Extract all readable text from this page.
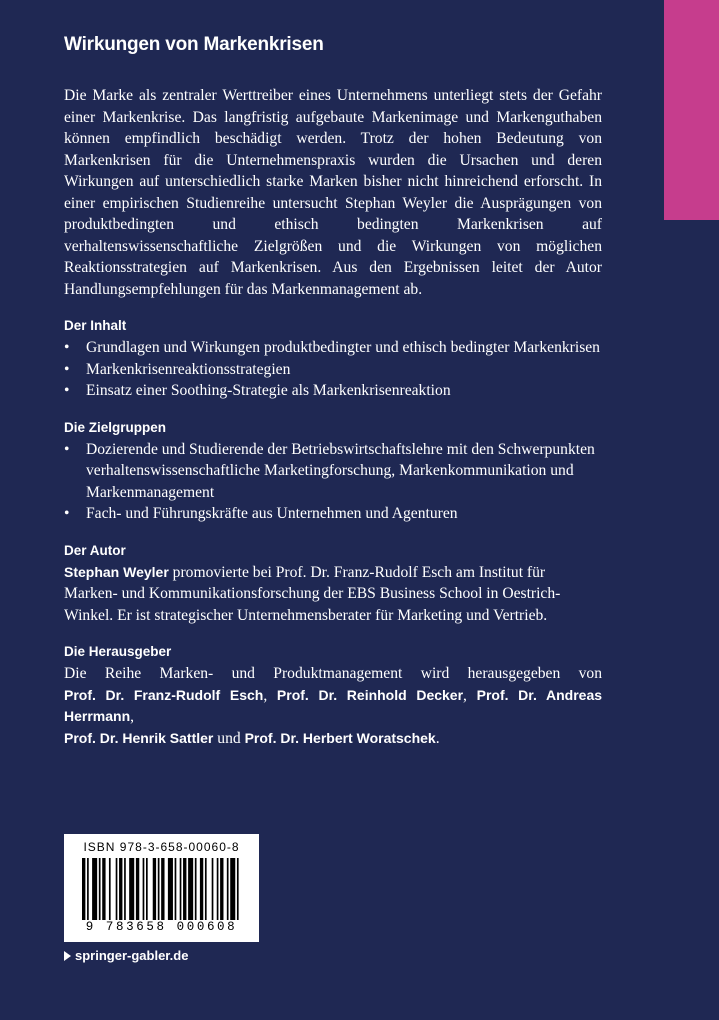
Wirkungen von Markenkrisen

Die Marke als zentraler Werttreiber eines Unternehmens unterliegt stets der Gefahr einer Markenkrise. Das langfristig aufgebaute Markenimage und Markenguthaben können empfindlich beschädigt werden. Trotz der hohen Bedeutung von Markenkrisen für die Unternehmenspraxis wurden die Ursachen und deren Wirkungen auf unterschiedlich starke Marken bisher nicht hinreichend erforscht. In einer empirischen Studienreihe untersucht Stephan Weyler die Ausprägungen von produktbedingten und ethisch bedingten Markenkrisen auf verhaltenswissenschaftliche Zielgrößen und die Wirkungen von möglichen Reaktionsstrategien auf Markenkrisen. Aus den Ergebnissen leitet der Autor Handlungsempfehlungen für das Markenmanagement ab.

Der Inhalt
• Grundlagen und Wirkungen produktbedingter und ethisch bedingter Markenkrisen
• Markenkrisenreaktionsstrategien
• Einsatz einer Soothing-Strategie als Markenkrisenreaktion
Die Zielgruppen
• Dozierende und Studierende der Betriebswirtschaftslehre mit den Schwerpunkten verhaltenswissenschaftliche Marketingforschung, Markenkommunikation und Markenmanagement
• Fach- und Führungskräfte aus Unternehmen und Agenturen
Der Autor

Stephan Weyler promovierte bei Prof. Dr. Franz-Rudolf Esch am Institut für Marken- und Kommunikationsforschung der EBS Business School in Oestrich-Winkel. Er ist strategischer Unternehmensberater für Marketing und Vertrieb.

Die Herausgeber

Die Reihe Marken- und Produktmanagement wird herausgegeben von
Prof. Dr. Franz-Rudolf Esch, Prof. Dr. Reinhold Decker, Prof. Dr. Andreas Herrmann,
Prof. Dr. Henrik Sattler und Prof. Dr. Herbert Woratschek.

ISBN 978-3-658-00060-8
9 783658 000608
springer-gabler.de
